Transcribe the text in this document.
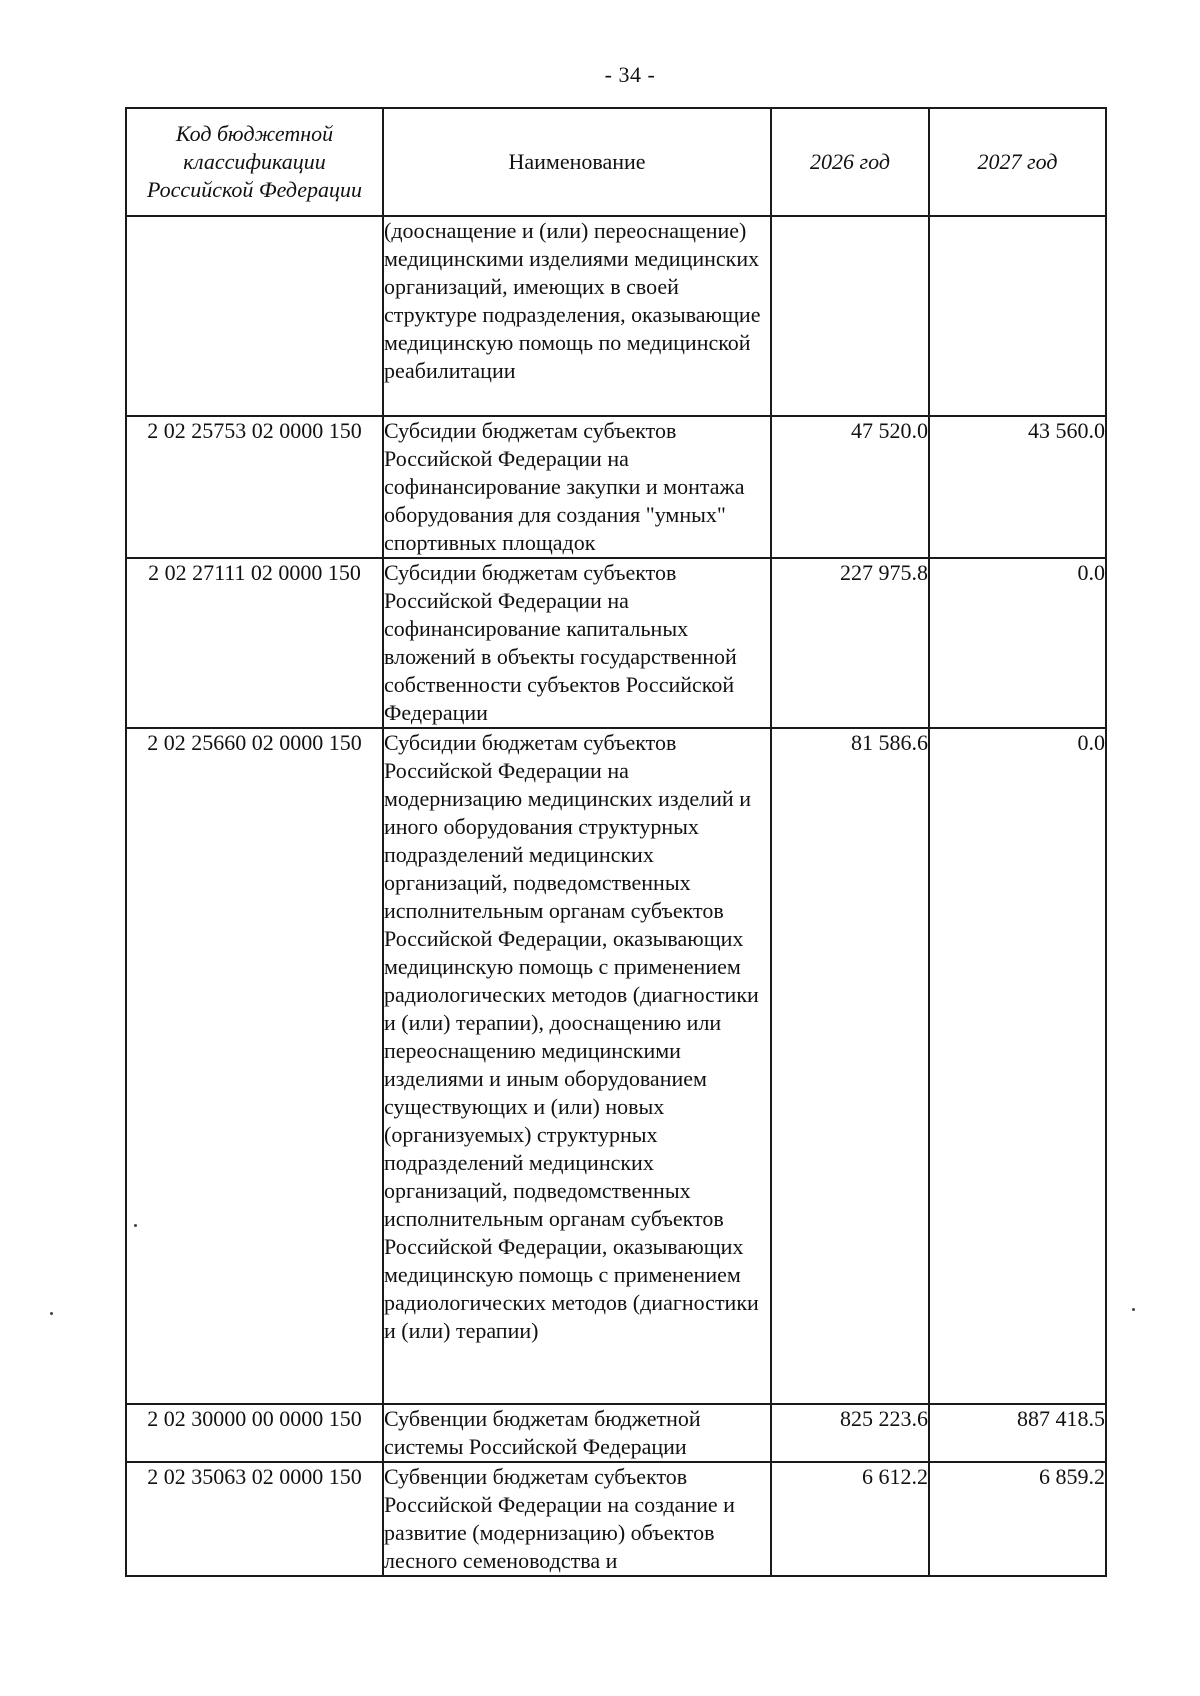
- 34 -
Код бюджетной классификации Российской Федерации	Наименование	2026 год	2027 год
	(дооснащение и (или) переоснащение) медицинскими изделиями медицинских организаций, имеющих в своей структуре подразделения, оказывающие медицинскую помощь по медицинской реабилитации		
2 02 25753 02 0000 150	Субсидии бюджетам субъектов Российской Федерации на софинансирование закупки и монтажа оборудования для создания "умных" спортивных площадок	47 520.0	43 560.0
2 02 27111 02 0000 150	Субсидии бюджетам субъектов Российской Федерации на софинансирование капитальных вложений в объекты государственной собственности субъектов Российской Федерации	227 975.8	0.0
2 02 25660 02 0000 150	Субсидии бюджетам субъектов Российской Федерации на модернизацию медицинских изделий и иного оборудования структурных подразделений медицинских организаций, подведомственных исполнительным органам субъектов Российской Федерации, оказывающих медицинскую помощь с применением радиологических методов (диагностики и (или) терапии), дооснащению или переоснащению медицинскими изделиями и иным оборудованием существующих и (или) новых (организуемых) структурных подразделений медицинских организаций, подведомственных исполнительным органам субъектов Российской Федерации, оказывающих медицинскую помощь с применением радиологических методов (диагностики и (или) терапии)	81 586.6	0.0
2 02 30000 00 0000 150	Субвенции бюджетам бюджетной системы Российской Федерации	825 223.6	887 418.5
2 02 35063 02 0000 150	Субвенции бюджетам субъектов Российской Федерации на создание и развитие (модернизацию) объектов лесного семеноводства и	6 612.2	6 859.2
